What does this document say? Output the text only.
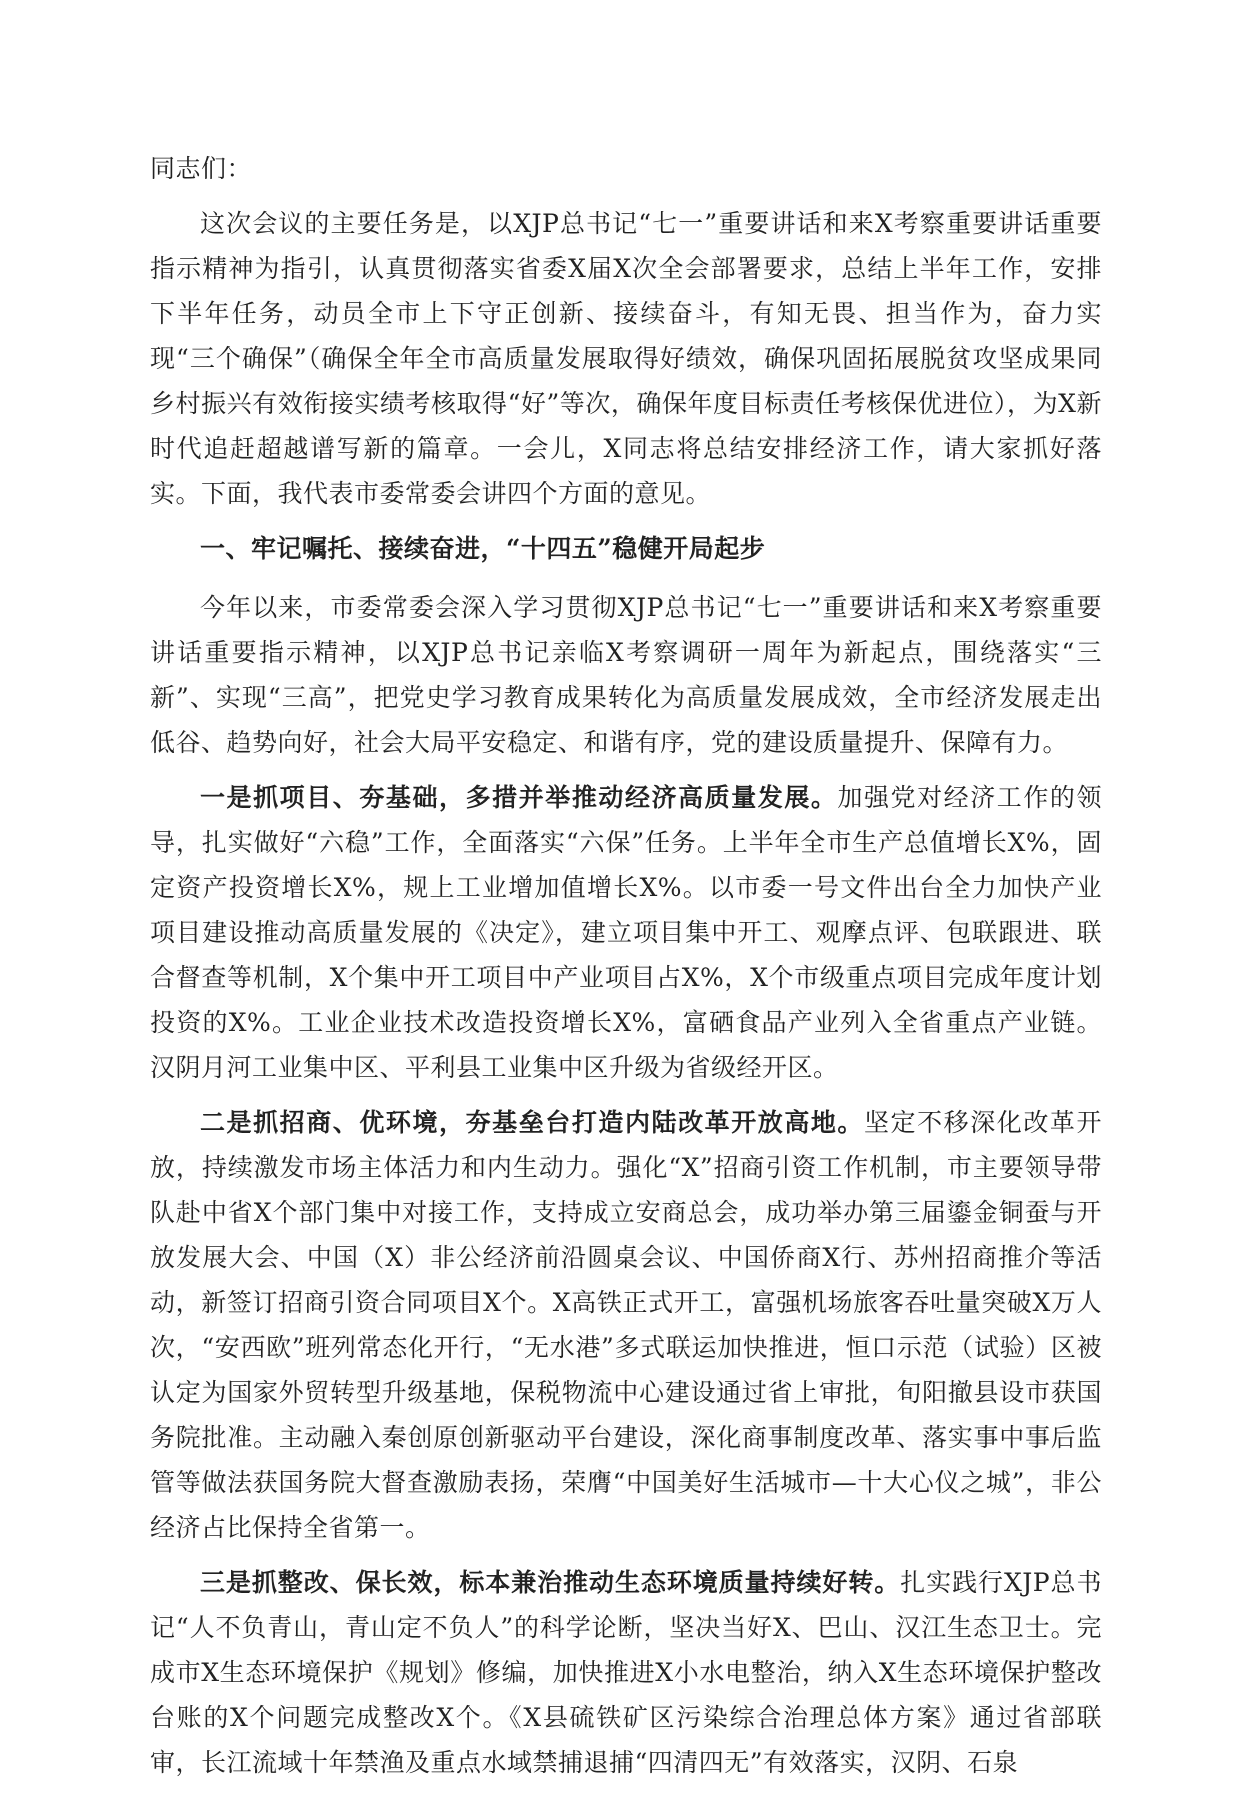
同志们：

这次会议的主要任务是，以XJP总书记“七一”重要讲话和来X考察重要讲话重要指示精神为指引，认真贯彻落实省委X届X次全会部署要求，总结上半年工作，安排下半年任务，动员全市上下守正创新、接续奋斗，有知无畏、担当作为，奋力实现“三个确保”（确保全年全市高质量发展取得好绩效，确保巩固拓展脱贫攻坚成果同乡村振兴有效衔接实绩考核取得“好”等次，确保年度目标责任考核保优进位），为X新时代追赶超越谱写新的篇章。一会儿，X同志将总结安排经济工作，请大家抓好落实。下面，我代表市委常委会讲四个方面的意见。

一、牢记嘱托、接续奋进，“十四五”稳健开局起步

今年以来，市委常委会深入学习贯彻XJP总书记“七一”重要讲话和来X考察重要讲话重要指示精神，以XJP总书记亲临X考察调研一周年为新起点，围绕落实“三新”、实现“三高”，把党史学习教育成果转化为高质量发展成效，全市经济发展走出低谷、趋势向好，社会大局平安稳定、和谐有序，党的建设质量提升、保障有力。

一是抓项目、夯基础，多措并举推动经济高质量发展。加强党对经济工作的领导，扎实做好“六稳”工作，全面落实“六保”任务。上半年全市生产总值增长X%，固定资产投资增长X%，规上工业增加值增长X%。以市委一号文件出台全力加快产业项目建设推动高质量发展的《决定》，建立项目集中开工、观摩点评、包联跟进、联合督查等机制，X个集中开工项目中产业项目占X%，X个市级重点项目完成年度计划投资的X%。工业企业技术改造投资增长X%，富硒食品产业列入全省重点产业链。汉阴月河工业集中区、平利县工业集中区升级为省级经开区。

二是抓招商、优环境，夯基垒台打造内陆改革开放高地。坚定不移深化改革开放，持续激发市场主体活力和内生动力。强化“X”招商引资工作机制，市主要领导带队赴中省X个部门集中对接工作，支持成立安商总会，成功举办第三届鎏金铜蚕与开放发展大会、中国（X）非公经济前沿圆桌会议、中国侨商X行、苏州招商推介等活动，新签订招商引资合同项目X个。X高铁正式开工，富强机场旅客吞吐量突破X万人次，“安西欧”班列常态化开行，“无水港”多式联运加快推进，恒口示范（试验）区被认定为国家外贸转型升级基地，保税物流中心建设通过省上审批，旬阳撤县设市获国务院批准。主动融入秦创原创新驱动平台建设，深化商事制度改革、落实事中事后监管等做法获国务院大督查激励表扬，荣膺“中国美好生活城市—十大心仪之城”，非公经济占比保持全省第一。

三是抓整改、保长效，标本兼治推动生态环境质量持续好转。扎实践行XJP总书记“人不负青山，青山定不负人”的科学论断，坚决当好X、巴山、汉江生态卫士。完成市X生态环境保护《规划》修编，加快推进X小水电整治，纳入X生态环境保护整改台账的X个问题完成整改X个。《X县硫铁矿区污染综合治理总体方案》通过省部联审，长江流域十年禁渔及重点水域禁捕退捕“四清四无”有效落实，汉阴、石泉
